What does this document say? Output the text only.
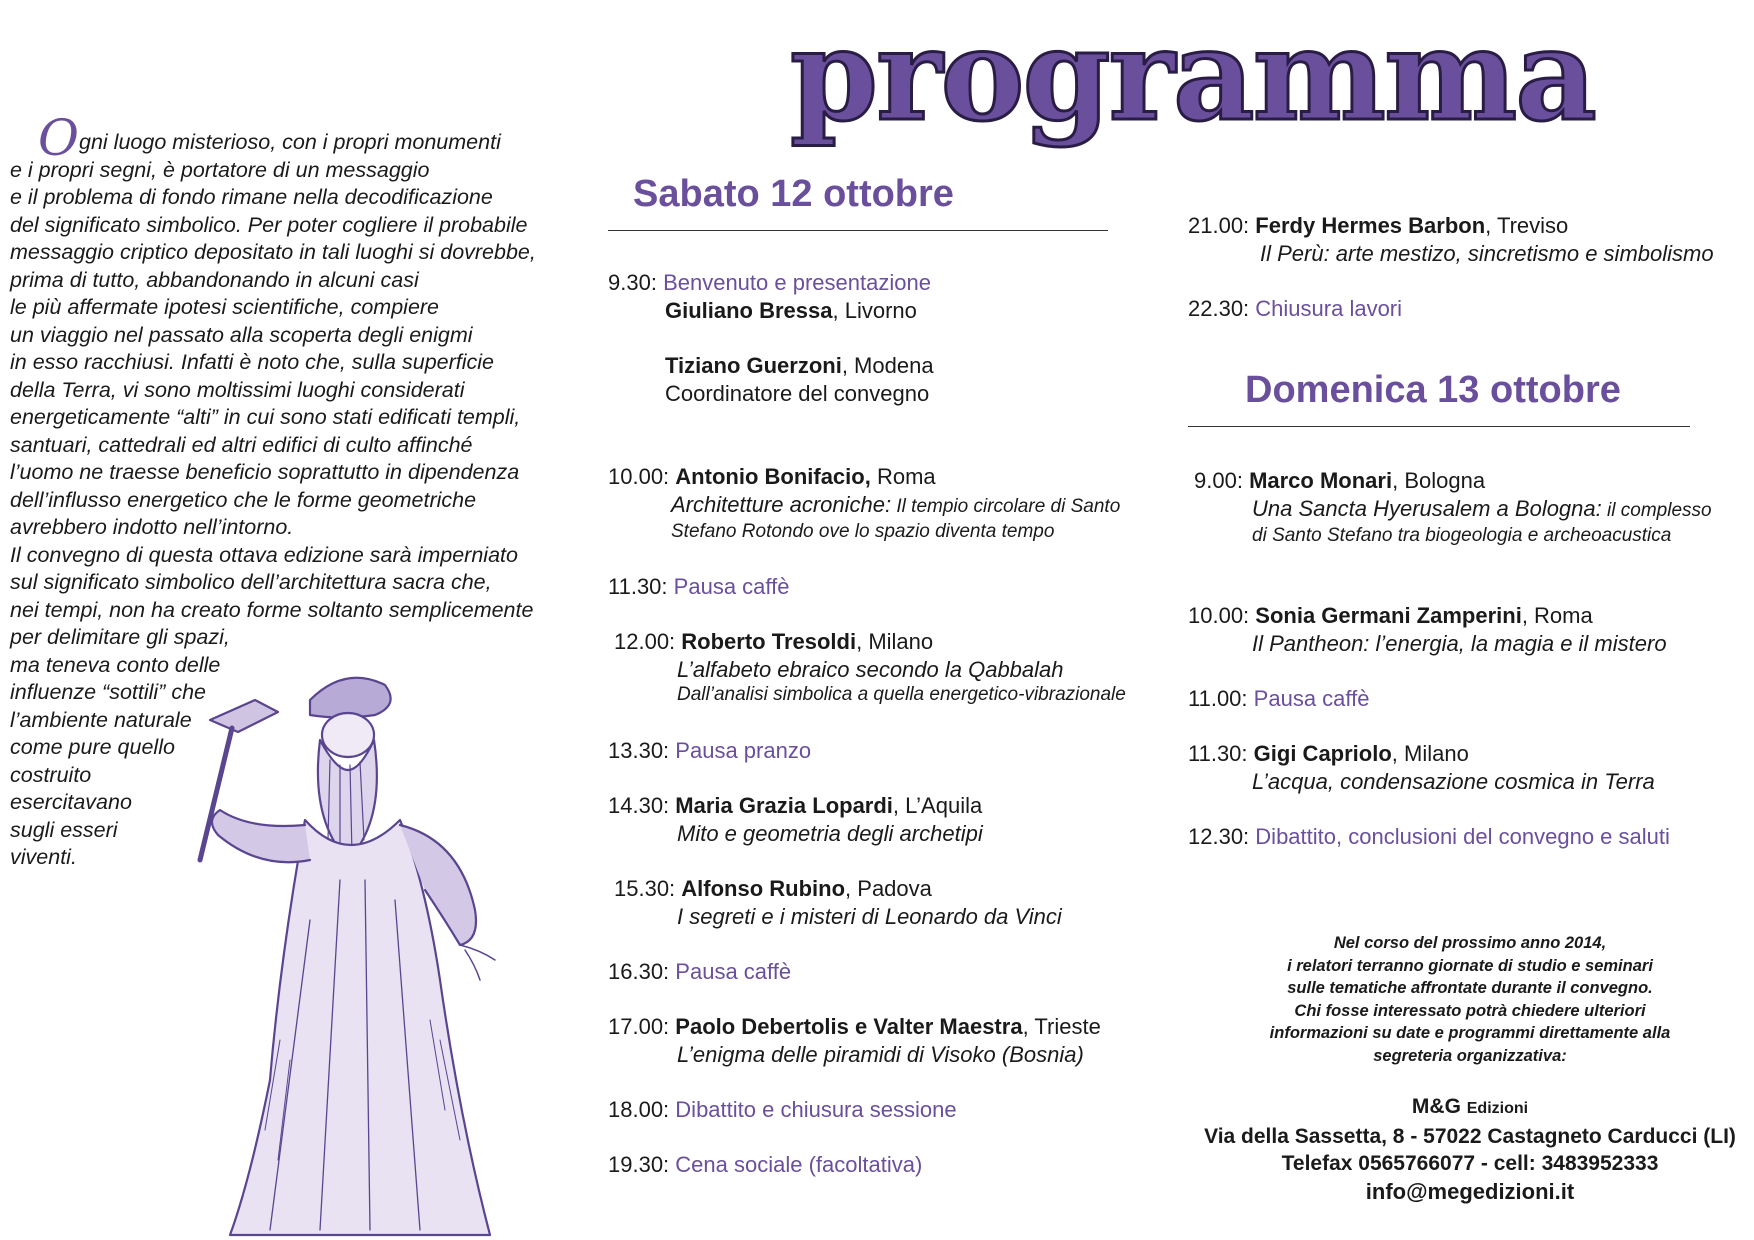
programma

Ogni luogo misterioso, con i propri monumenti

e i propri segni, è portatore di un messaggio

e il problema di fondo rimane nella decodificazione

del significato simbolico. Per poter cogliere il probabile

messaggio criptico depositato in tali luoghi si dovrebbe,

prima di tutto, abbandonando in alcuni casi

le più affermate ipotesi scientifiche, compiere

un viaggio nel passato alla scoperta degli enigmi

in esso racchiusi. Infatti è noto che, sulla superficie

della Terra, vi sono moltissimi luoghi considerati

energeticamente “alti” in cui sono stati edificati templi,

santuari, cattedrali ed altri edifici di culto affinché

l’uomo ne traesse beneficio soprattutto in dipendenza

dell’influsso energetico che le forme geometriche

avrebbero indotto nell’intorno.

Il convegno di questa ottava edizione sarà imperniato

sul significato simbolico dell’architettura sacra che,

nei tempi, non ha creato forme soltanto semplicemente

per delimitare gli spazi,

ma teneva conto delle

influenze “sottili” che

l’ambiente naturale

come pure quello

costruito

esercitavano

sugli esseri

viventi.

Sabato 12 ottobre
9.30: Benvenuto e presentazione
Giuliano Bressa, Livorno
Tiziano Guerzoni, Modena
Coordinatore del convegno
10.00: Antonio Bonifacio, Roma
Architetture acroniche: Il tempio circolare di Santo
Stefano Rotondo ove lo spazio diventa tempo
11.30: Pausa caffè
12.00: Roberto Tresoldi, Milano
L’alfabeto ebraico secondo la Qabbalah
Dall’analisi simbolica a quella energetico-vibrazionale
13.30: Pausa pranzo
14.30: Maria Grazia Lopardi, L’Aquila
Mito e geometria degli archetipi
15.30: Alfonso Rubino, Padova
I segreti e i misteri di Leonardo da Vinci
16.30: Pausa caffè
17.00: Paolo Debertolis e Valter Maestra, Trieste
L’enigma delle piramidi di Visoko (Bosnia)
18.00: Dibattito e chiusura sessione
19.30: Cena sociale (facoltativa)
21.00: Ferdy Hermes Barbon, Treviso
Il Perù: arte mestizo, sincretismo e simbolismo
22.30: Chiusura lavori
Domenica 13 ottobre
9.00: Marco Monari, Bologna
Una Sancta Hyerusalem a Bologna: il complesso
di Santo Stefano tra biogeologia e archeoacustica
10.00: Sonia Germani Zamperini, Roma
Il Pantheon: l’energia, la magia e il mistero
11.00: Pausa caffè
11.30: Gigi Capriolo, Milano
L’acqua, condensazione cosmica in Terra
12.30: Dibattito, conclusioni del convegno e saluti

Nel corso del prossimo anno 2014,

i relatori terranno giornate di studio e seminari

sulle tematiche affrontate durante il convegno.

Chi fosse interessato potrà chiedere ulteriori

informazioni su date e programmi direttamente alla

segreteria organizzativa:

M&G Edizioni

Via della Sassetta, 8 - 57022 Castagneto Carducci (LI)

Telefax 0565766077 - cell: 3483952333

info@megedizioni.it
